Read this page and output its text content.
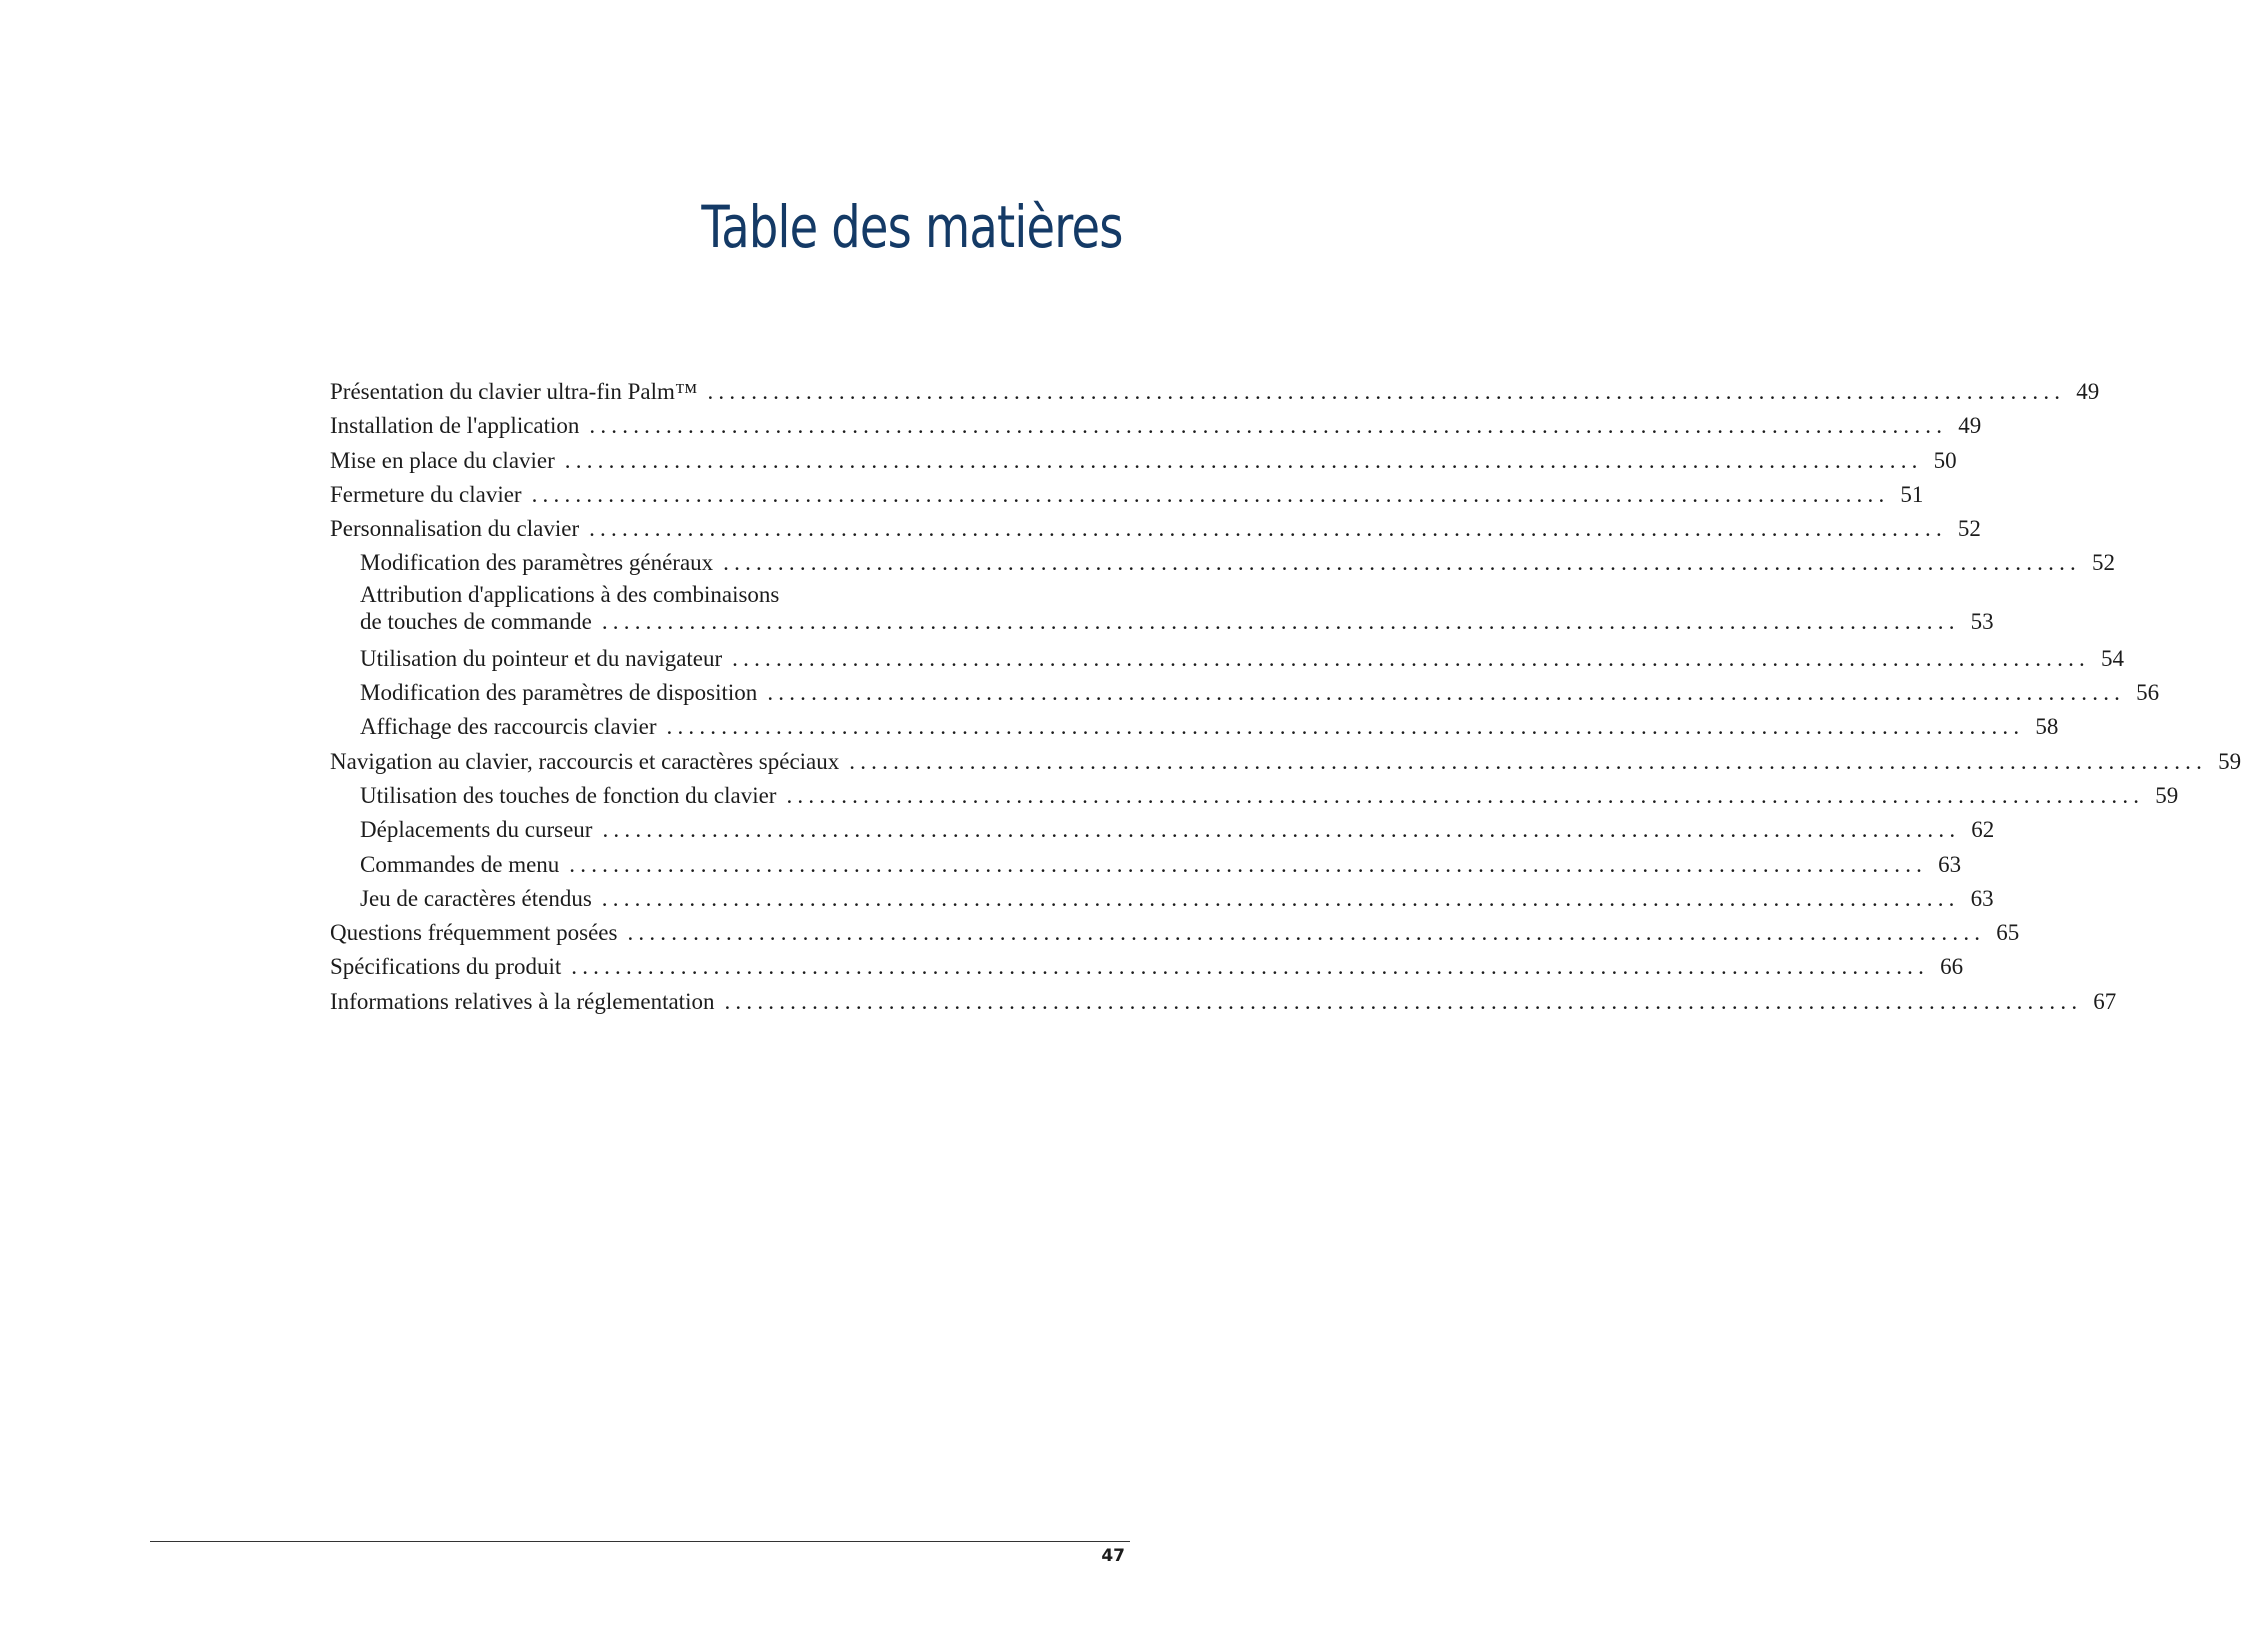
Table des matières
Présentation du clavier ultra-fin Palm™ ............................................................................................................................ 49
Installation de l'application ............................................................................................................................ 49
Mise en place du clavier ............................................................................................................................ 50
Fermeture du clavier ............................................................................................................................ 51
Personnalisation du clavier ............................................................................................................................ 52
Modification des paramètres généraux ............................................................................................................................ 52
Attribution d'applications à des combinaisons
de touches de commande ............................................................................................................................ 53
Utilisation du pointeur et du navigateur ............................................................................................................................ 54
Modification des paramètres de disposition ............................................................................................................................ 56
Affichage des raccourcis clavier ............................................................................................................................ 58
Navigation au clavier, raccourcis et caractères spéciaux ............................................................................................................................ 59
Utilisation des touches de fonction du clavier ............................................................................................................................ 59
Déplacements du curseur ............................................................................................................................ 62
Commandes de menu ............................................................................................................................ 63
Jeu de caractères étendus ............................................................................................................................ 63
Questions fréquemment posées ............................................................................................................................ 65
Spécifications du produit ............................................................................................................................ 66
Informations relatives à la réglementation ............................................................................................................................ 67
47
